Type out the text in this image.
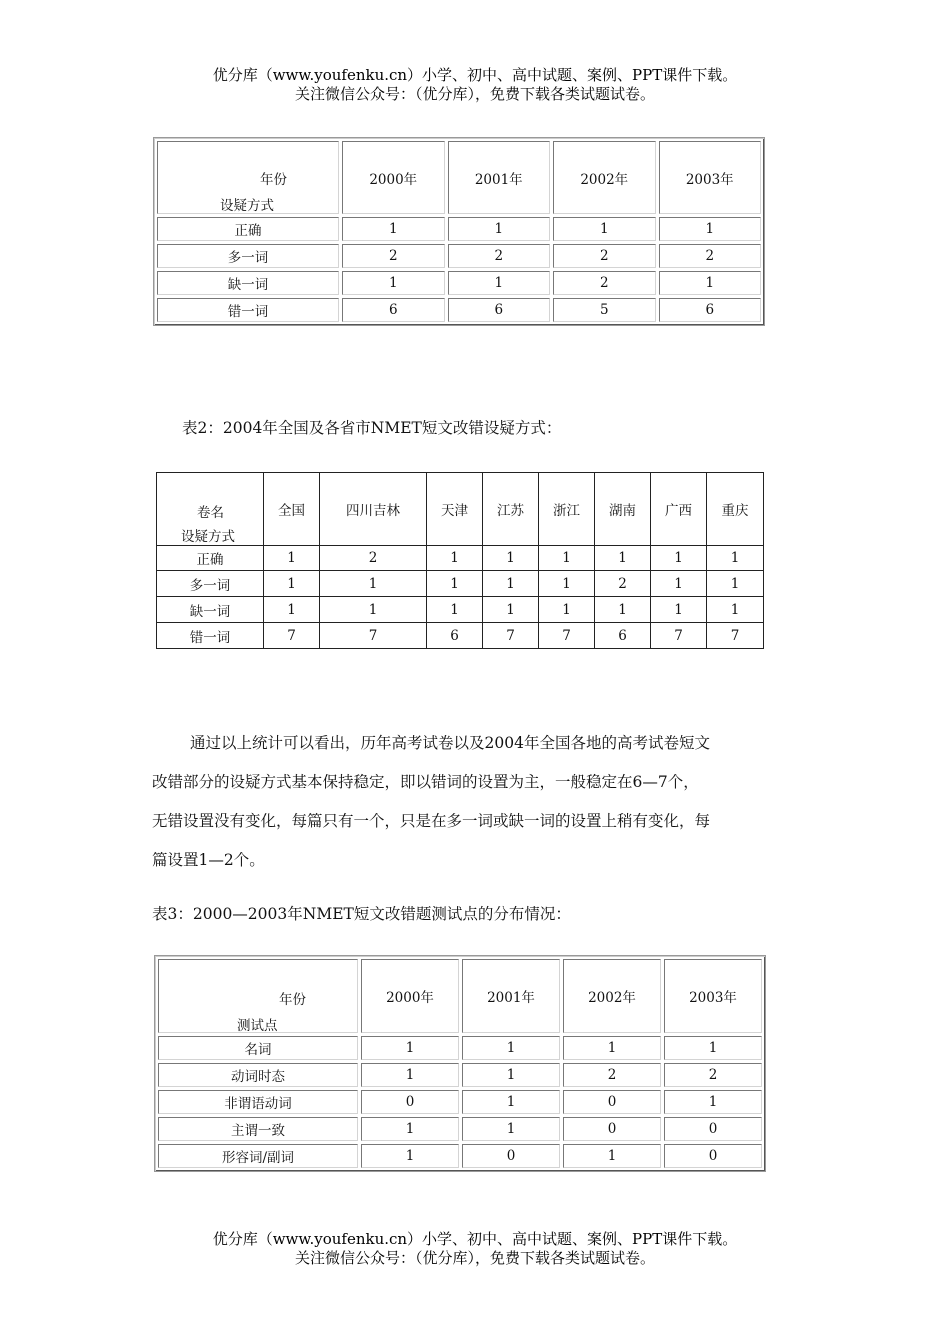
优分库（www.youfenku.cn）小学、初中、高中试题、案例、PPT课件下载。
关注微信公众号：（优分库），免费下载各类试题试卷。
年份
设疑方式	2000年	2001年	2002年	2003年
正确	1	1	1	1
多一词	2	2	2	2
缺一词	1	1	2	1
错一词	6	6	5	6
表2：2004年全国及各省市NMET短文改错设疑方式：
卷名
设疑方式	全国	四川吉林	天津	江苏	浙江	湖南	广西	重庆
正确	1	2	1	1	1	1	1	1
多一词	1	1	1	1	1	2	1	1
缺一词	1	1	1	1	1	1	1	1
错一词	7	7	6	7	7	6	7	7
通过以上统计可以看出，历年高考试卷以及2004年全国各地的高考试卷短文
改错部分的设疑方式基本保持稳定，即以错词的设置为主，一般稳定在6—7个，
无错设置没有变化，每篇只有一个，只是在多一词或缺一词的设置上稍有变化，每
篇设置1—2个。
表3：2000—2003年NMET短文改错题测试点的分布情况：
年份
测试点	2000年	2001年	2002年	2003年
名词	1	1	1	1
动词时态	1	1	2	2
非谓语动词	0	1	0	1
主谓一致	1	1	0	0
形容词/副词	1	0	1	0
优分库（www.youfenku.cn）小学、初中、高中试题、案例、PPT课件下载。
关注微信公众号：（优分库），免费下载各类试题试卷。
